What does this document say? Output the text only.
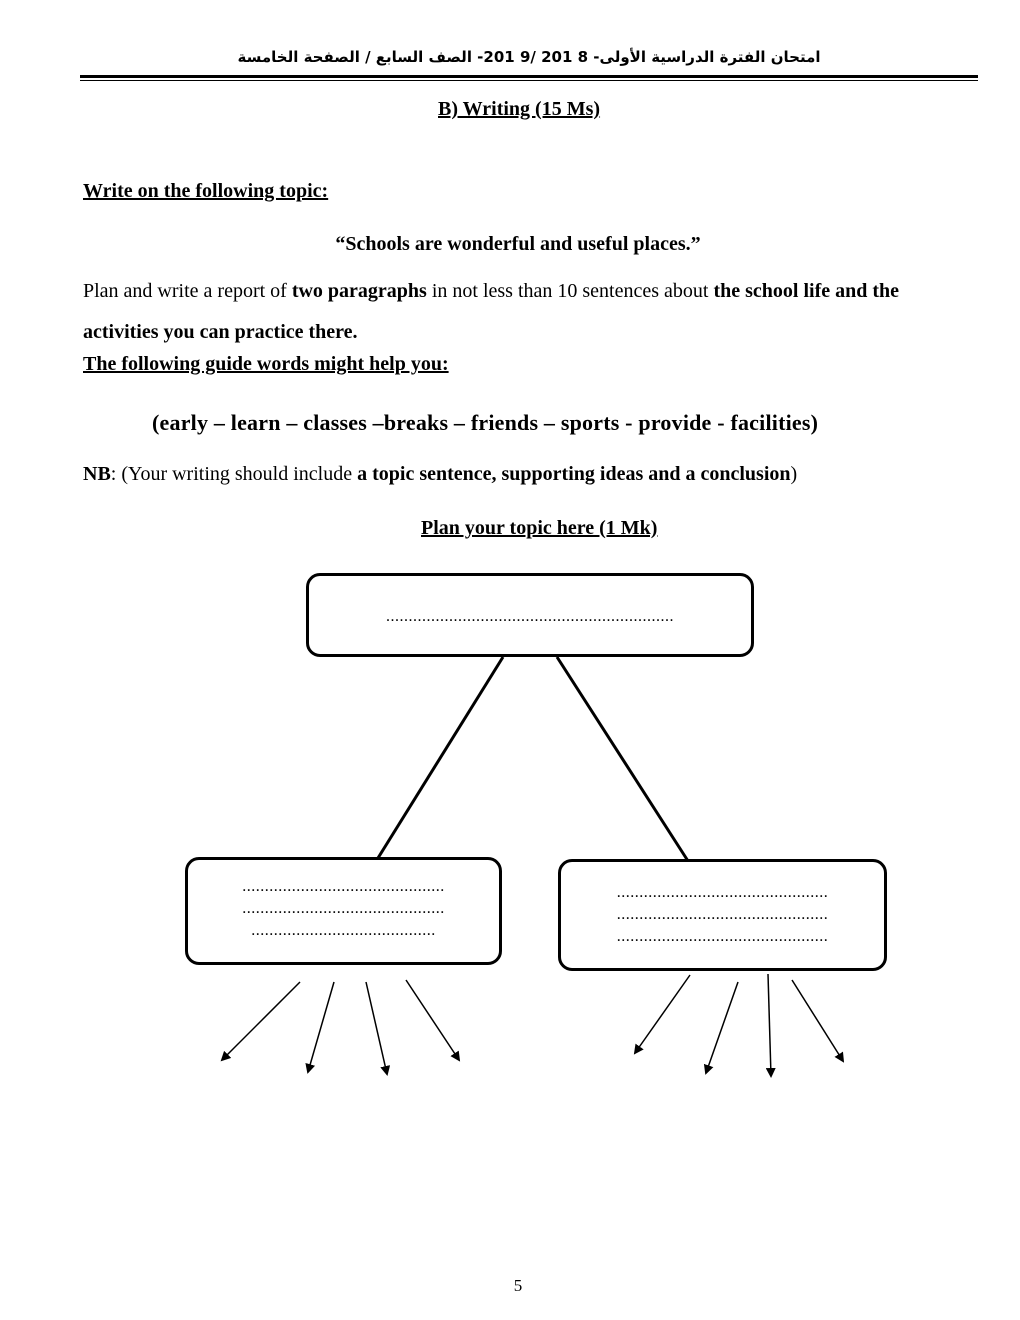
امتحان الفترة الدراسية الأولى- 8 201 /9 201- الصف السابع / الصفحة الخامسة
B) Writing (15 Ms)
Write on the following topic:
“Schools are wonderful and useful places.”
Plan and write a report of two paragraphs in not less than 10 sentences about the school life and the activities you can practice there.
The following guide words might help you:
(early – learn – classes –breaks – friends – sports - provide - facilities)
NB: (Your writing should include a topic sentence, supporting ideas and a conclusion)
Plan your topic here (1 Mk)
................................................................
.............................................
.............................................
.........................................
...............................................
...............................................
...............................................
5
